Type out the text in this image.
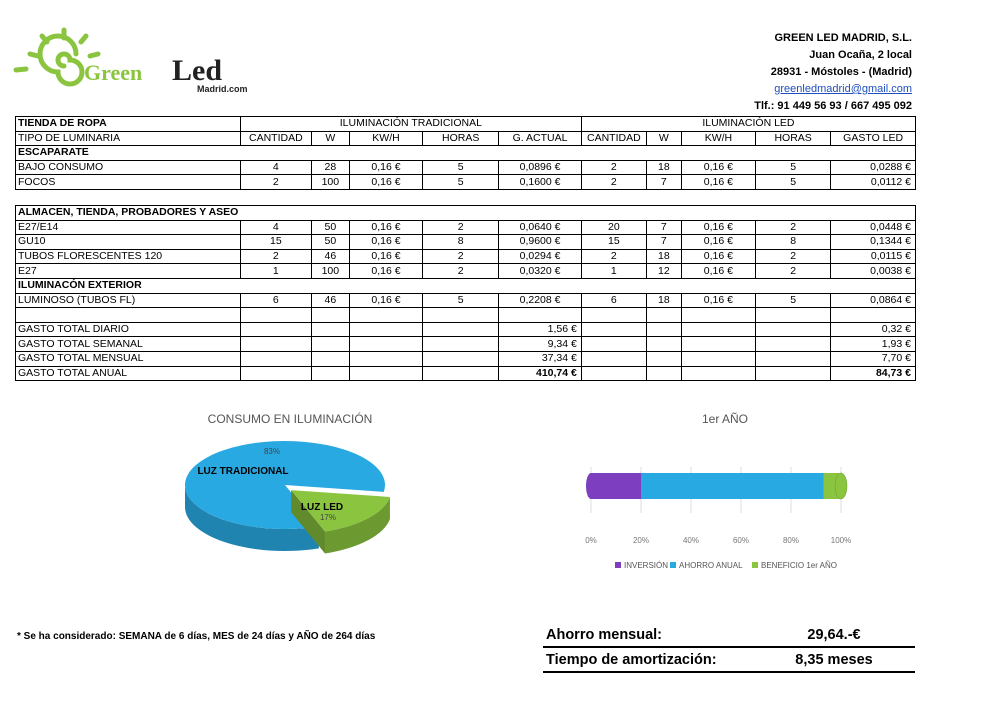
Green Led
Madrid.com
GREEN LED MADRID, S.L.
Juan Ocaña, 2 local
28931 - Móstoles - (Madrid)
greenledmadrid@gmail.com
Tlf.: 91 449 56 93 / 667 495 092
TIENDA DE ROPA	ILUMINACIÓN TRADICIONAL					ILUMINACIÓN LED				
TIPO DE LUMINARIA	CANTIDAD	W	KW/H	HORAS	G. ACTUAL	CANTIDAD	W	KW/H	HORAS	GASTO LED
ESCAPARATE										
BAJO CONSUMO	4	28	0,16 €	5	0,0896 €	2	18	0,16 €	5	0,0288 €
FOCOS	2	100	0,16 €	5	0,1600 €	2	7	0,16 €	5	0,0112 €

ALMACEN, TIENDA, PROBADORES Y ASEO										
E27/E14	4	50	0,16 €	2	0,0640 €	20	7	0,16 €	2	0,0448 €
GU10	15	50	0,16 €	8	0,9600 €	15	7	0,16 €	8	0,1344 €
TUBOS FLORESCENTES 120	2	46	0,16 €	2	0,0294 €	2	18	0,16 €	2	0,0115 €
E27	1	100	0,16 €	2	0,0320 €	1	12	0,16 €	2	0,0038 €
ILUMINACÓN EXTERIOR										
LUMINOSO (TUBOS FL)	6	46	0,16 €	5	0,2208 €	6	18	0,16 €	5	0,0864 €

GASTO TOTAL DIARIO					1,56 €					0,32 €
GASTO TOTAL SEMANAL					9,34 €					1,93 €
GASTO TOTAL MENSUAL					37,34 €					7,70 €
GASTO TOTAL ANUAL					410,74 €					84,73 €
CONSUMO EN ILUMINACIÓN
83%
LUZ TRADICIONAL
LUZ LED
17%
1er AÑO
0%	20%	40%	60%	80%	100%
INVERSIÓN AHORRO ANUAL BENEFICIO 1er AÑO
* Se ha considerado: SEMANA de 6 días, MES de 24 días y AÑO de 264 días	Ahorro mensual:	29,64.-€
Tiempo de amortización:	8,35 meses
